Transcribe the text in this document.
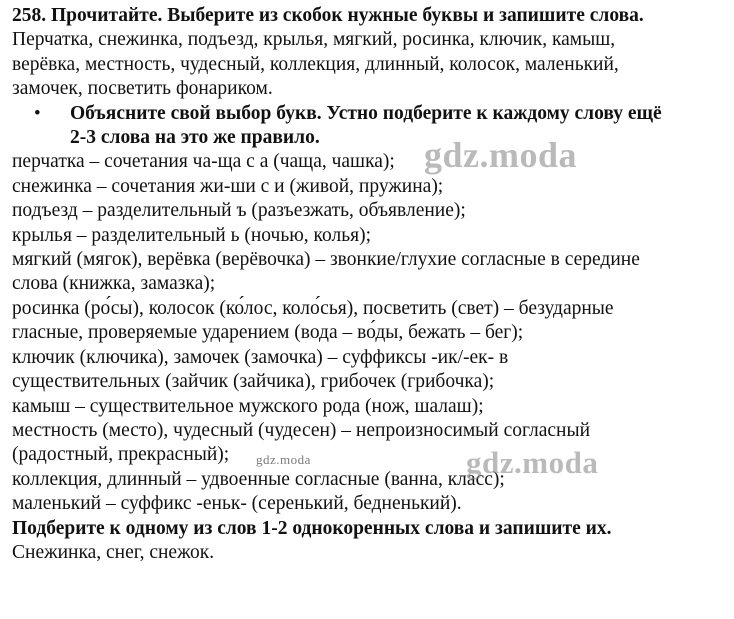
258. Прочитайте. Выберите из скобок нужные буквы и запишите слова.
Перчатка, снежинка, подъезд, крылья, мягкий, росинка, ключик, камыш,
верёвка, местность, чудесный, коллекция, длинный, колосок, маленький,
замочек, посветить фонариком.
• Объясните свой выбор букв. Устно подберите к каждому слову ещё
2-3 слова на это же правило.
перчатка – сочетания ча-ща с а (чаща, чашка);
снежинка – сочетания жи-ши с и (живой, пружина);
подъезд – разделительный ъ (разъезжать, объявление);
крылья – разделительный ь (ночью, колья);
мягкий (мягок), верёвка (верёвочка) – звонкие/глухие согласные в середине
слова (книжка, замазка);
росинка (ро́сы), колосок (ко́лос, коло́сья), посветить (свет) – безударные
гласные, проверяемые ударением (вода – во́ды, бежать – бег);
ключик (ключика), замочек (замочка) – суффиксы -ик/-ек- в
существительных (зайчик (зайчика), грибочек (грибочка);
камыш – существительное мужского рода (нож, шалаш);
местность (место), чудесный (чудесен) – непроизносимый согласный
(радостный, прекрасный);
коллекция, длинный – удвоенные согласные (ванна, класс);
маленький – суффикс -еньк- (серенький, бедненький).
Подберите к одному из слов 1-2 однокоренных слова и запишите их.
Снежинка, снег, снежок.
gdz.moda
gdz.moda
gdz.moda
